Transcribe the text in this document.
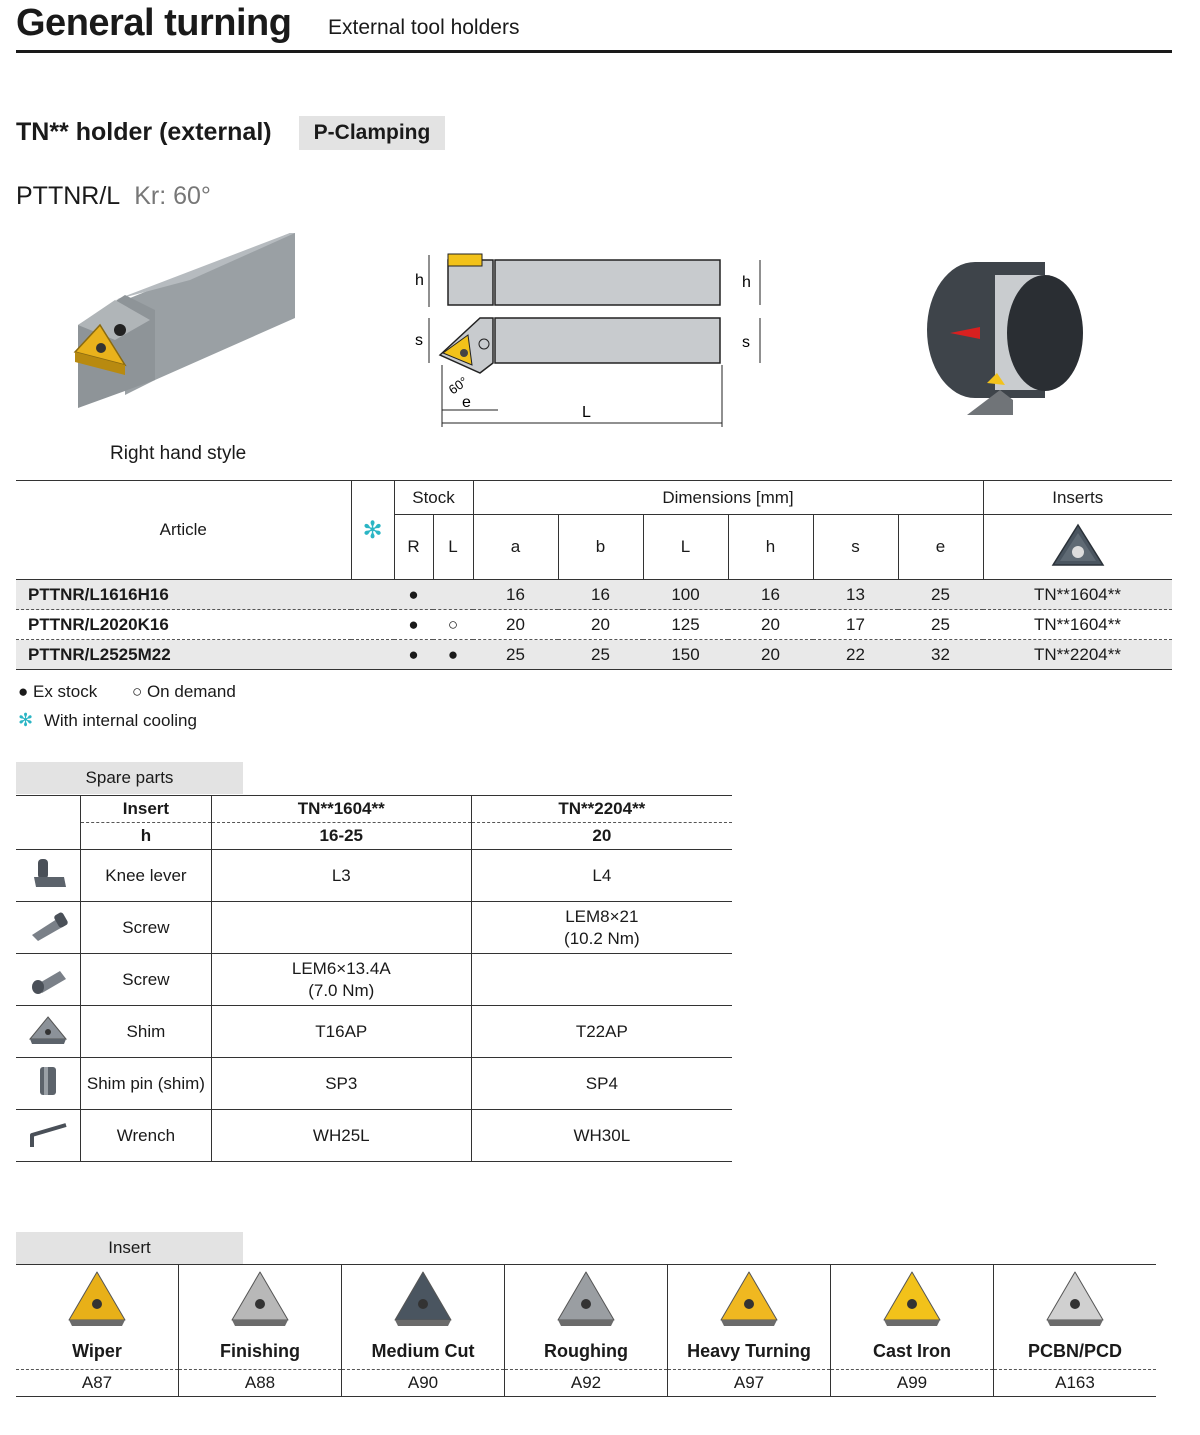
General turning External tool holders
TN** holder (external)	P-Clamping
PTTNR/L Kr: 60°
Right hand style
h	h
s	s
60°
e
L
Article	✻	Stock		Dimensions [mm]						Inserts
		R	L	a	b	L	h	s	e	
PTTNR/L1616H16		●		16	16	100	16	13	25	TN**1604**
PTTNR/L2020K16		●	○	20	20	125	20	17	25	TN**1604**
PTTNR/L2525M22		●	●	25	25	150	20	22	32	TN**2204**
● Ex stock ○ On demand
✻ With internal cooling
Spare parts
	Insert	TN**1604**	TN**2204**
	h	16-25	20
	Knee lever	L3	L4
	Screw		LEM8×21
(10.2 Nm)

	Screw	LEM6×13.4A
(7.0 Nm)	

	Shim	T16AP	T22AP
	Shim pin (shim)	SP3	SP4
	Wrench	WH25L	WH30L
Insert

Wiper	Finishing	Medium Cut	Roughing	Heavy Turning	Cast Iron	PCBN/PCD
A87	A88	A90	A92	A97	A99	A163
